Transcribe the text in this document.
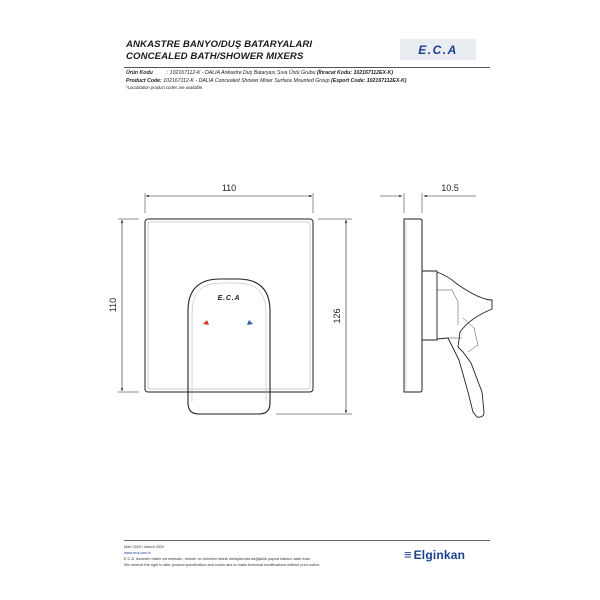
ANKASTRE BANYO/DUŞ BATARYALARI
CONCEALED BATH/SHOWER MIXERS	E.C.A
Ürün Kodu	: 102167112-K - DALIA Ankastre Duş Bataryası Sıva Üstü Grubu (İhracat Kodu: 102167112EX-K)
Product Code: 102167112-K - DALIA Concealed Shower Mixer Surface Mounted Group (Export Code: 102167112EX-K)
*Localization product codes are available.
E.C.A
110
110
126
10.5
Mart 2020 / March 2020
www.eca.com.tr
E.C.A. önceden haber vermeksizin, ürünler ve ürünlerin teknik detaylarında değişiklik yapma hakkını saklı tutar.
We reserve the right to alter product specification and colors and to make technical modifications without prior notice.
≡ Elginkan
